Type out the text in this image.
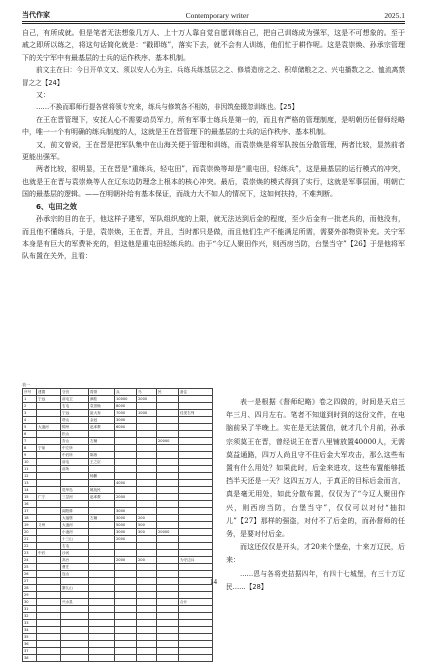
当代作家	Contemporary writer	2025.1
自己，有所成就。但是笔者无法想象几万人、上十万人靠自觉自愿训练自己，把自己训练成为强军，这是不可想象的。至于戚之即所以练之，将这句话简化就是：“戳即练”，落实下去，就不会有人训练，他们忙于耕作呢。这是袁崇焕、孙承宗管理下的关宁军中有最基层的士兵的运作秩序、基本机制。
前文主在曰：今日开单文又、须以安人心为主、兵练兵练基层之之、修墙造房之之、积草储粮之之、兴屯播数之之、恤流离禁冒之之【24】
又：
……不换而耶师行提各营将领专究来，练兵与修筑各不相妨，非因筑垒辍忽训练也。【25】
在王在晋管理下，安抚人心不需要动员军力，所有军事士练兵是第一的，而且有严格的管理制度，是明朝历任督师经略中，唯一一个有明确的练兵制度的人，这就是王在晋管理下的最基层的士兵的运作秩序、基本机制。
又，前文曾说，王在晋是把军队集中在山海关便于管理和训练，而袁崇焕是将军队按伍分散管理，两者比较，显然前者更能出强军。
两者比较，很明显，王在晋是“重练兵，轻屯田”，而袁崇焕等却是“重屯田，轻练兵”，这是最基层的运行模式的冲突，也就是王在晋与袁崇焕等人在辽东边防理念上根本的核心冲突。最后，袁崇焕的模式得到了实行，这就是军事层面，明朝亡国的最基层的逻辑。——在明朝补给有基本保证，而战力大不如人的情况下，这如何扶持，不难判断。
6、屯田之效
孙承宗的目的在于，他这样子建军，军队组织度的上限，就无法达到后金的程度，至少后金有一批老兵的，而他没有，而且他不懂练兵，于是，袁崇焕，王在晋，并且，当时都只是做，而且他们生产不能满足所需，需要外部物资补充。关宁军本身是有巨大的军费补充的，但这他是重屯田轻练兵的。由于“今辽人聚田作兴，则西房当防，台堡当守”【26】于是他将军队布置在关外，且看：
表一
序号	建置	守官	将领	兵	马	民	备注
1	宁远	前屯卫	满桂	10000	2000		
2		右屯	袁崇焕	8000			
3		宁远	祖大寿	7000	1000		佳见右列
4		塔山	金冠	3000			
5	大凌河	锦州	赵率教	6000			
6		松山					
7		杏山	左辅			20000	
8	宁前	中左所					
9		中后所	陈练				
10		前屯	王之臣				
11		前所					
12			杨麒				
13				4000			
14		觉华岛	姚抚民				
15	广宁	三岔河	赵率教	2000			
16							
17		闾阳驿		3000			
18		大福堡	左辅	3000	200		
19	义州	大凌河		5000	500		
20		小凌河		3000	300	20000	
21		十三山		2000			
22		右屯					
23	中后	沙河					
24		高台		2000	200		为守边兵
25		曹庄					
26		连山					
27							
28		寨儿山					
29							
30		兴水县					合计
31							
32							
33							
34							
35							
36							
37							
38							
表一是根据《督师纪略》卷之四做的，时间是天启三年三月、四月左右。笔者不知道到时到的这份文件，在电脑前呆了半晚上。实在是无法置信，就才几个月前，孙承宗须莫王在晋，曾经说王在晋八里铺放置40000人，无需莫益通路，四万人尚且守不住后金大军攻击，那么这些布置有什么用处？如果此时，后金来进攻，这些布置能够抵挡半天还是一天？这四五万人，于真正的目标后金而言，真是毫无用处，如此分散布置，仅仅为了“今辽人聚田作兴，则西房当防，台堡当守”，仅仅可以对付“抽扣儿”【27】那样的强盗，对付不了后金的，而孙督师的任务，是要对付后金。
而这还仅仅是开头，才20来个堡垒，十来万辽民，后来：
……恩与各将吏拮据四年，有四十七城堡，有三十万辽民……【28】
14
